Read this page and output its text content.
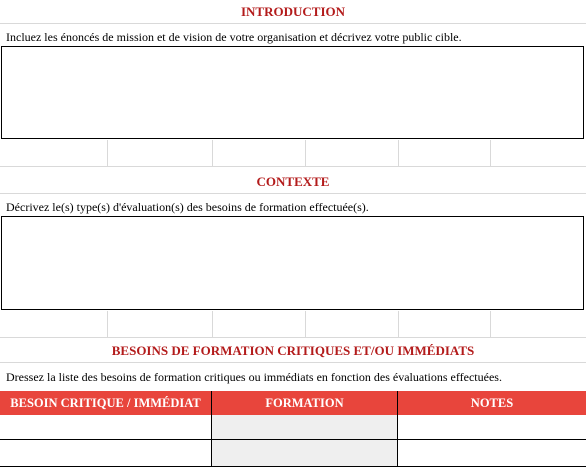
INTRODUCTION
Incluez les énoncés de mission et de vision de votre organisation et décrivez votre public cible.
CONTEXTE
Décrivez le(s) type(s) d'évaluation(s) des besoins de formation effectuée(s).
BESOINS DE FORMATION CRITIQUES ET/OU IMMÉDIATS
Dressez la liste des besoins de formation critiques ou immédiats en fonction des évaluations effectuées.
BESOIN CRITIQUE / IMMÉDIAT	FORMATION	NOTES
